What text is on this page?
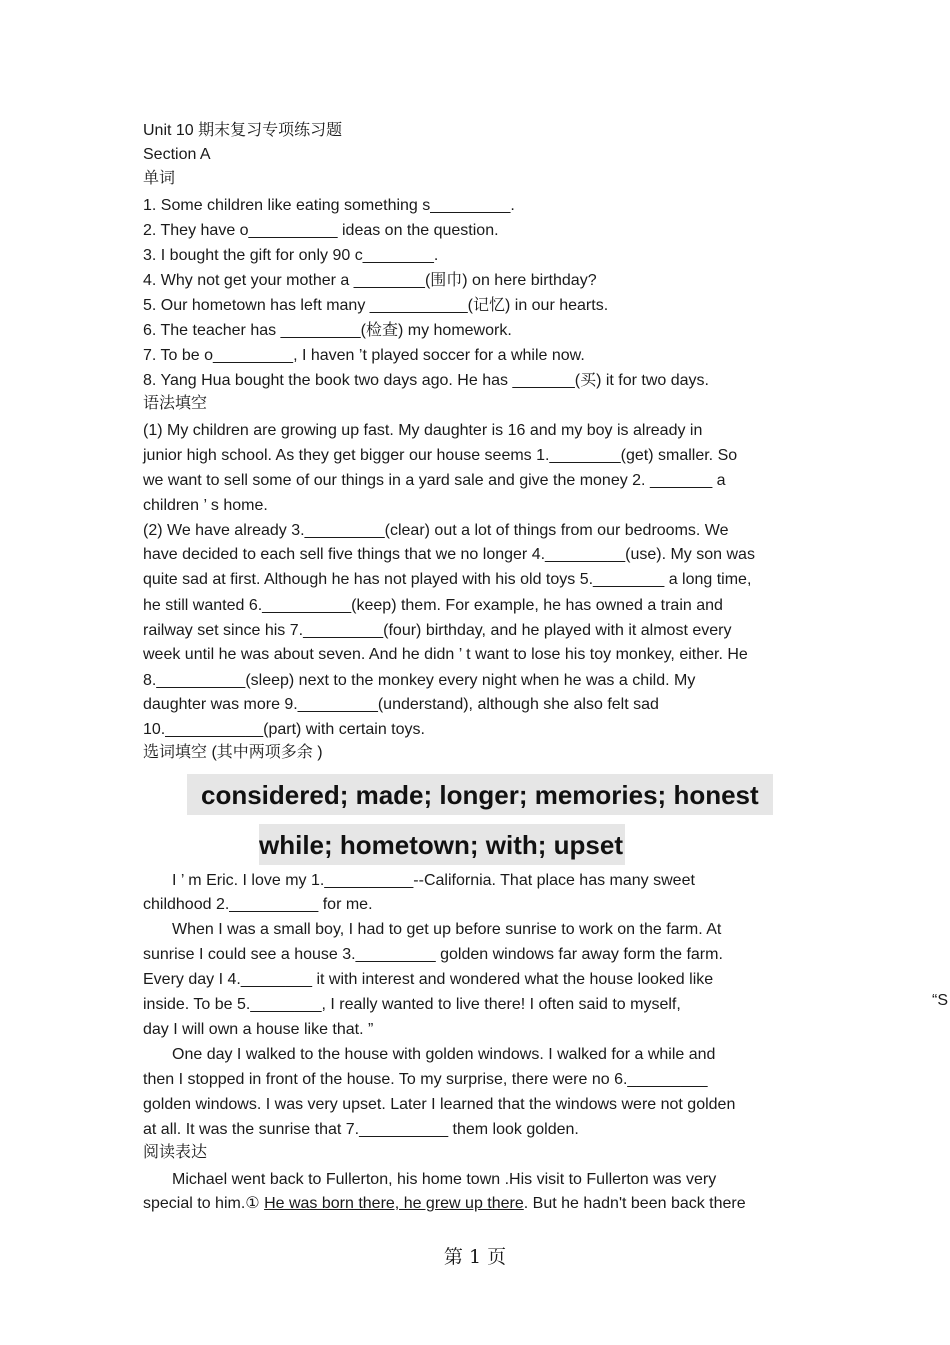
Unit 10 期末复习专项练习题
Section A
单词
1. Some children like eating something s_________.
2. They have o__________ ideas on the question.
3. I bought the gift for only 90 c________.
4. Why not get your mother a ________(围巾) on here birthday?
5. Our hometown has left many ___________(记忆) in our hearts.
6. The teacher has _________(检查) my homework.
7. To be o_________, I haven ’t played soccer for a while now.
8. Yang Hua bought the book two days ago. He has _______(买) it for two days.
语法填空
(1) My children are growing up fast. My daughter is 16 and my boy is already in
junior high school. As they get bigger our house seems 1.________(get) smaller. So
we want to sell some of our things in a yard sale and give the money 2. _______ a
children ’ s home.
(2) We have already 3._________(clear) out a lot of things from our bedrooms. We
have decided to each sell five things that we no longer 4._________(use). My son was
quite sad at first. Although he has not played with his old toys 5.________ a long time,
he still wanted 6.__________(keep) them. For example, he has owned a train and
railway set since his 7._________(four) birthday, and he played with it almost every
week until he was about seven. And he didn ’ t want to lose his toy monkey, either. He
8.__________(sleep) next to the monkey every night when he was a child. My
daughter was more 9._________(understand), although she also felt sad
10.___________(part) with certain toys.
选词填空 (其中两项多余 )
considered; made; longer; memories; honest
while; hometown; with; upset
I ’ m Eric. I love my 1.__________--California. That place has many sweet
childhood 2.__________ for me.
When I was a small boy, I had to get up before sunrise to work on the farm. At
sunrise I could see a house 3._________ golden windows far away form the farm.
Every day I 4.________ it with interest and wondered what the house looked like
inside. To be 5.________, I really wanted to live there! I often said to myself,	“S
day I will own a house like that. ”
One day I walked to the house with golden windows. I walked for a while and
then I stopped in front of the house. To my surprise, there were no 6._________
golden windows. I was very upset. Later I learned that the windows were not golden
at all. It was the sunrise that 7.__________ them look golden.
阅读表达
Michael went back to Fullerton, his home town .His visit to Fullerton was very
special to him.① He was born there, he grew up there. But he hadn't been back there
第 1 页
